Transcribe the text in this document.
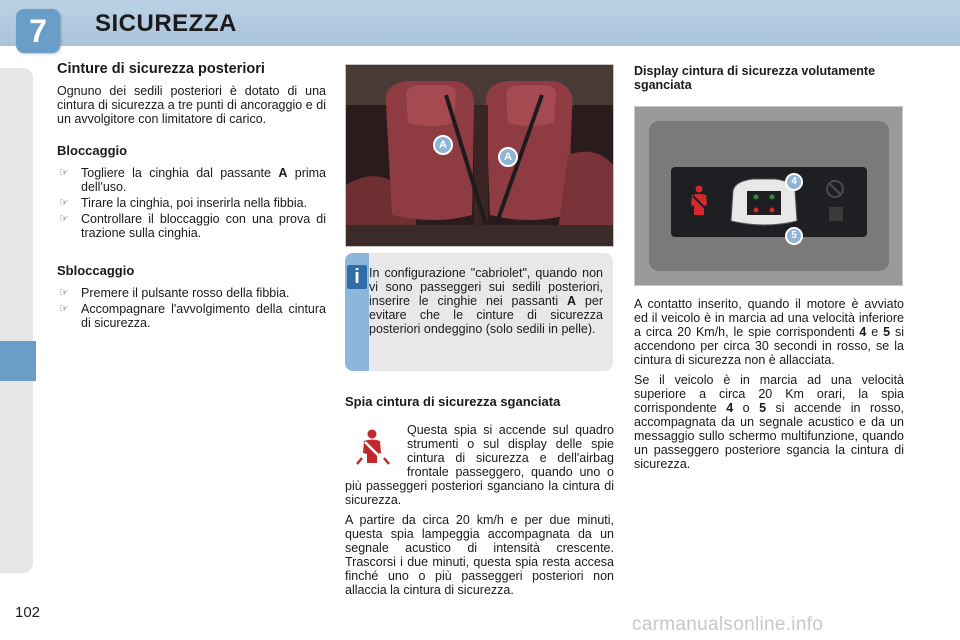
7	SICUREZZA
Cinture di sicurezza posteriori

Ognuno dei sedili posteriori è dotato di una cintura di sicurezza a tre punti di ancoraggio e di un avvolgitore con limitatore di carico.

Bloccaggio
☞ Togliere la cinghia dal passante A prima dell'uso.
☞ Tirare la cinghia, poi inserirla nella fibbia.
☞ Controllare il bloccaggio con una prova di trazione sulla cinghia.
Sbloccaggio
☞ Premere il pulsante rosso della fibbia.
☞ Accompagnare l'avvolgimento della cintura di sicurezza.
A
A
i In configurazione "cabriolet", quando non vi sono passeggeri sui sedili posteriori, inserire le cinghie nei passanti A per evitare che le cinture di sicurezza posteriori ondeggino (solo sedili in pelle).
Spia cintura di sicurezza sganciata

Questa spia si accende sul quadro strumenti o sul display delle spie cintura di sicurezza e dell'airbag frontale passeggero, quando uno o più passeggeri posteriori sganciano la cintura di sicurezza.

A partire da circa 20 km/h e per due minuti, questa spia lampeggia accompagnata da un segnale acustico di intensità crescente. Trascorsi i due minuti, questa spia resta accesa finché uno o più passeggeri posteriori non allaccia la cintura di sicurezza.

Display cintura di sicurezza volutamente sganciata
4
5

A contatto inserito, quando il motore è avviato ed il veicolo è in marcia ad una velocità inferiore a circa 20 Km/h, le spie corrispondenti 4 e 5 si accendono per circa 30 secondi in rosso, se la cintura di sicurezza non è allacciata.

Se il veicolo è in marcia ad una velocità superiore a circa 20 Km orari, la spia corrispondente 4 o 5 si accende in rosso, accompagnata da un segnale acustico e da un messaggio sullo schermo multifunzione, quando un passeggero posteriore sgancia la cintura di sicurezza.

102
carmanualsonline.info
